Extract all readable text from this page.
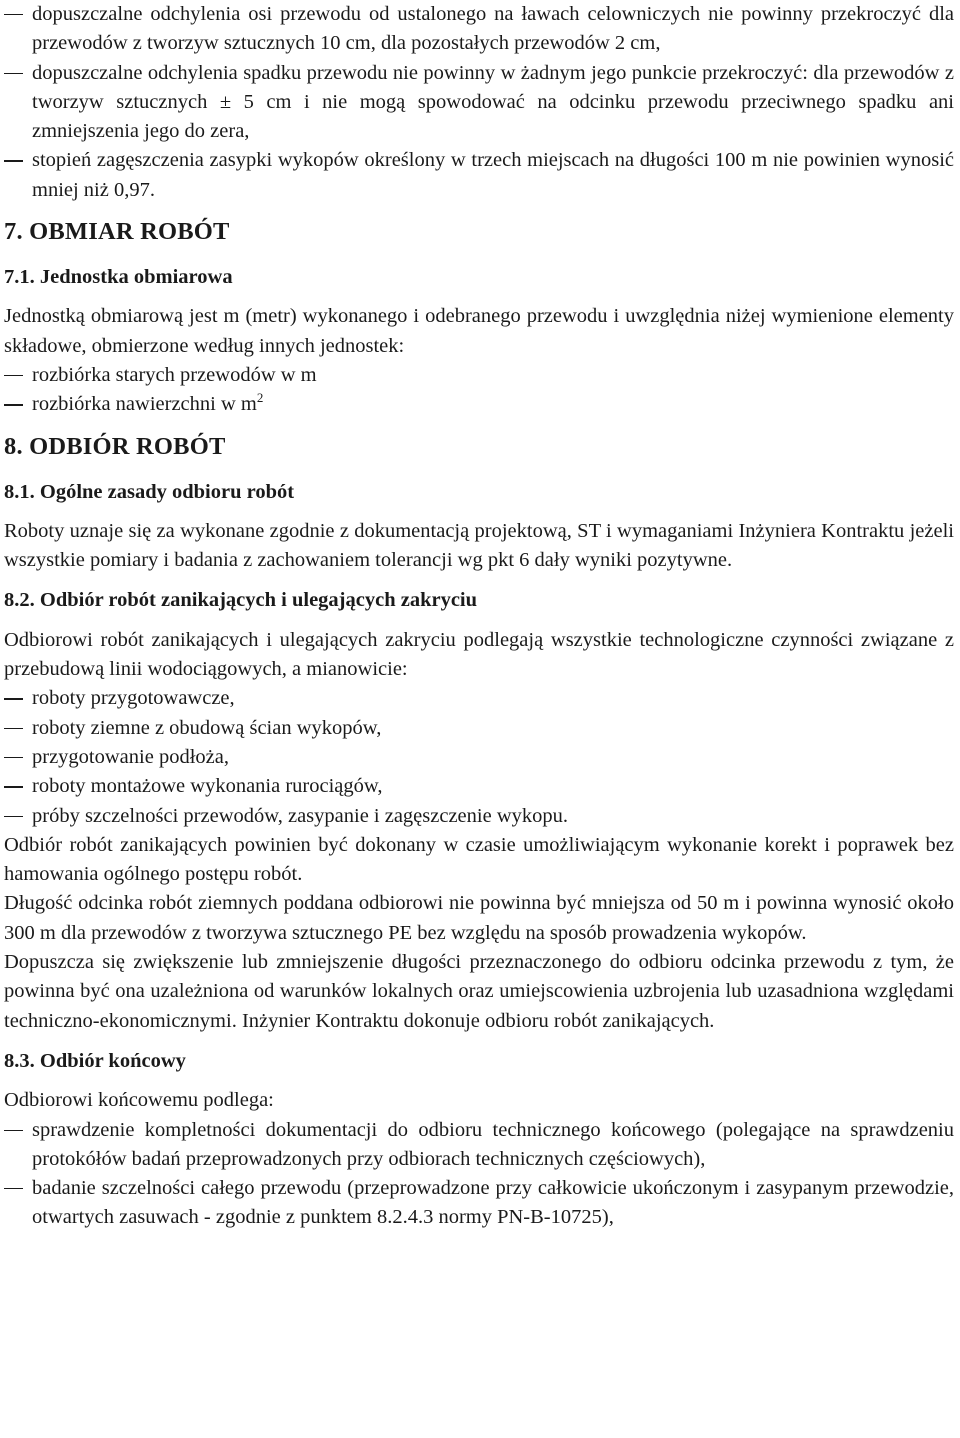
dopuszczalne odchylenia osi przewodu od ustalonego na ławach celowniczych nie powinny przekroczyć dla przewodów z tworzyw sztucznych 10 cm, dla pozostałych przewodów 2 cm,
dopuszczalne odchylenia spadku przewodu nie powinny w żadnym jego punkcie przekroczyć: dla przewodów z tworzyw sztucznych ± 5 cm i nie mogą spowodować na odcinku przewodu przeciwnego spadku ani zmniejszenia jego do zera,
stopień zagęszczenia zasypki wykopów określony w trzech miejscach na długości 100 m nie powinien wynosić mniej niż 0,97.
7. OBMIAR ROBÓT
7.1. Jednostka obmiarowa

Jednostką obmiarową jest m (metr) wykonanego i odebranego przewodu i uwzględnia niżej wymienione elementy składowe, obmierzone według innych jednostek:

rozbiórka starych przewodów w m
rozbiórka nawierzchni w $m^2$
8. ODBIÓR ROBÓT
8.1. Ogólne zasady odbioru robót

Roboty uznaje się za wykonane zgodnie z dokumentacją projektową, ST i wymaganiami Inżyniera Kontraktu jeżeli wszystkie pomiary i badania z zachowaniem tolerancji wg pkt 6 dały wyniki pozytywne.

8.2. Odbiór robót zanikających i ulegających zakryciu

Odbiorowi robót zanikających i ulegających zakryciu podlegają wszystkie technologiczne czynności związane z przebudową linii wodociągowych, a mianowicie:

roboty przygotowawcze,
roboty ziemne z obudową ścian wykopów,
przygotowanie podłoża,
roboty montażowe wykonania rurociągów,
próby szczelności przewodów, zasypanie i zagęszczenie wykopu.

Odbiór robót zanikających powinien być dokonany w czasie umożliwiającym wykonanie korekt i poprawek bez hamowania ogólnego postępu robót.

Długość odcinka robót ziemnych poddana odbiorowi nie powinna być mniejsza od 50 m i powinna wynosić około 300 m dla przewodów z tworzywa sztucznego PE bez względu na sposób prowadzenia wykopów.

Dopuszcza się zwiększenie lub zmniejszenie długości przeznaczonego do odbioru odcinka przewodu z tym, że powinna być ona uzależniona od warunków lokalnych oraz umiejscowienia uzbrojenia lub uzasadniona względami techniczno-ekonomicznymi. Inżynier Kontraktu dokonuje odbioru robót zanikających.

8.3. Odbiór końcowy

Odbiorowi końcowemu podlega:

sprawdzenie kompletności dokumentacji do odbioru technicznego końcowego (polegające na sprawdzeniu protokółów badań przeprowadzonych przy odbiorach technicznych częściowych),
badanie szczelności całego przewodu (przeprowadzone przy całkowicie ukończonym i zasypanym przewodzie, otwartych zasuwach - zgodnie z punktem 8.2.4.3 normy PN-B-10725),
